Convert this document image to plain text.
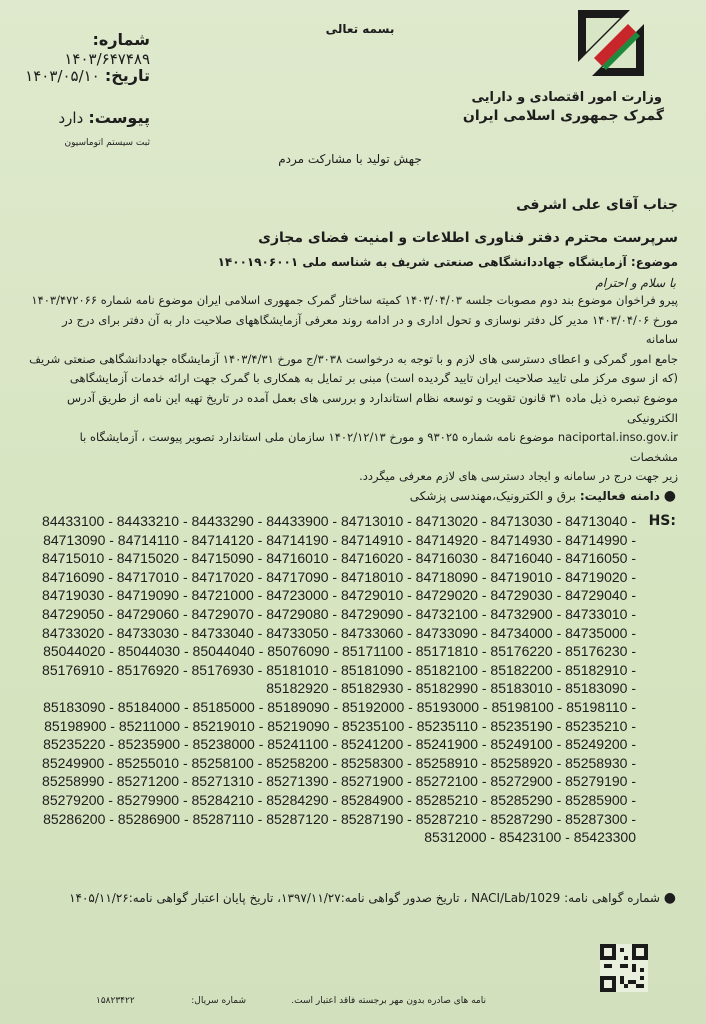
وزارت امور اقتصادی و دارایی
گمرک جمهوری اسلامی ایران
بسمه تعالی
شماره: ۱۴۰۳/۶۴۷۴۸۹
تاریخ: ۱۴۰۳/۰۵/۱۰
پیوست: دارد
ثبت سیستم اتوماسیون
جهش تولید با مشارکت مردم
جناب آقای علی اشرفی
سرپرست محترم دفتر فناوری اطلاعات و امنیت فضای مجازی
موضوع: آزمایشگاه جهاددانشگاهی صنعتی شریف به شناسه ملی ۱۴۰۰۱۹۰۶۰۰۱
با سلام و احترام
پیرو فراخوان موضوع بند دوم مصوبات جلسه ۱۴۰۳/۰۴/۰۳ کمیته ساختار گمرک جمهوری اسلامی ایران موضوع نامه شماره ۱۴۰۳/۴۷۲۰۶۶
مورخ ۱۴۰۳/۰۴/۰۶ مدیر کل دفتر نوسازی و تحول اداری و در ادامه روند معرفی آزمایشگاههای صلاحیت دار به آن دفتر برای درج در سامانه
جامع امور گمرکی و اعطای دسترسی های لازم و با توجه به درخواست ۳۰۳۸/ج مورخ ۱۴۰۳/۴/۳۱ آزمایشگاه جهاددانشگاهی صنعتی شریف
(که از سوی مرکز ملی تایید صلاحیت ایران تایید گردیده است) مبنی بر تمایل به همکاری با گمرک جهت ارائه خدمات آزمایشگاهی
موضوع تبصره ذیل ماده ۳۱ قانون تقویت و توسعه نظام استاندارد و بررسی های بعمل آمده در تاریخ تهیه این نامه از طریق آدرس الکترونیکی
naciportal.inso.gov.ir موضوع نامه شماره ۹۳۰۲۵ و مورخ ۱۴۰۲/۱۲/۱۳ سازمان ملی استاندارد تصویر پیوست ، آزمایشگاه با مشخصات
زیر جهت درج در سامانه و ایجاد دسترسی های لازم معرفی میگردد.
● دامنه فعالیت: برق و الکترونیک،مهندسی پزشکی
HS:
84433100 - 84433210 - 84433290 - 84433900 - 84713010 - 84713020 - 84713030 - 84713040 -
84713090 - 84714110 - 84714120 - 84714190 - 84714910 - 84714920 - 84714930 - 84714990 -
84715010 - 84715020 - 84715090 - 84716010 - 84716020 - 84716030 - 84716040 - 84716050 -
84716090 - 84717010 - 84717020 - 84717090 - 84718010 - 84718090 - 84719010 - 84719020 -
84719030 - 84719090 - 84721000 - 84723000 - 84729010 - 84729020 - 84729030 - 84729040 -
84729050 - 84729060 - 84729070 - 84729080 - 84729090 - 84732100 - 84732900 - 84733010 -
84733020 - 84733030 - 84733040 - 84733050 - 84733060 - 84733090 - 84734000 - 84735000 -
85044020 - 85044030 - 85044040 - 85076090 - 85171100 - 85171810 - 85176220 - 85176230 -
85176910 - 85176920 - 85176930 - 85181010 - 85181090 - 85182100 - 85182200 - 85182910 -
85182920 - 85182930 - 85182990 - 85183010 - 85183090 -
85183090 - 85184000 - 85185000 - 85189090 - 85192000 - 85193000 - 85198100 - 85198110 -
85198900 - 85211000 - 85219010 - 85219090 - 85235100 - 85235110 - 85235190 - 85235210 -
85235220 - 85235900 - 85238000 - 85241100 - 85241200 - 85241900 - 85249100 - 85249200 -
85249900 - 85255010 - 85258100 - 85258200 - 85258300 - 85258910 - 85258920 - 85258930 -
85258990 - 85271200 - 85271310 - 85271390 - 85271900 - 85272100 - 85272900 - 85279190 -
85279200 - 85279900 - 85284210 - 85284290 - 85284900 - 85285210 - 85285290 - 85285900 -
85286200 - 85286900 - 85287110 - 85287120 - 85287190 - 85287210 - 85287290 - 85287300 -
85312000 - 85423100 - 85423300
● شماره گواهی نامه: NACI/Lab/1029 ، تاریخ صدور گواهی نامه:۱۳۹۷/۱۱/۲۷، تاریخ پایان اعتبار گواهی نامه:۱۴۰۵/۱۱/۲۶
نامه های صادره بدون مهر برجسته فاقد اعتبار است.
شماره سریال:
۱۵۸۲۳۴۲۲
